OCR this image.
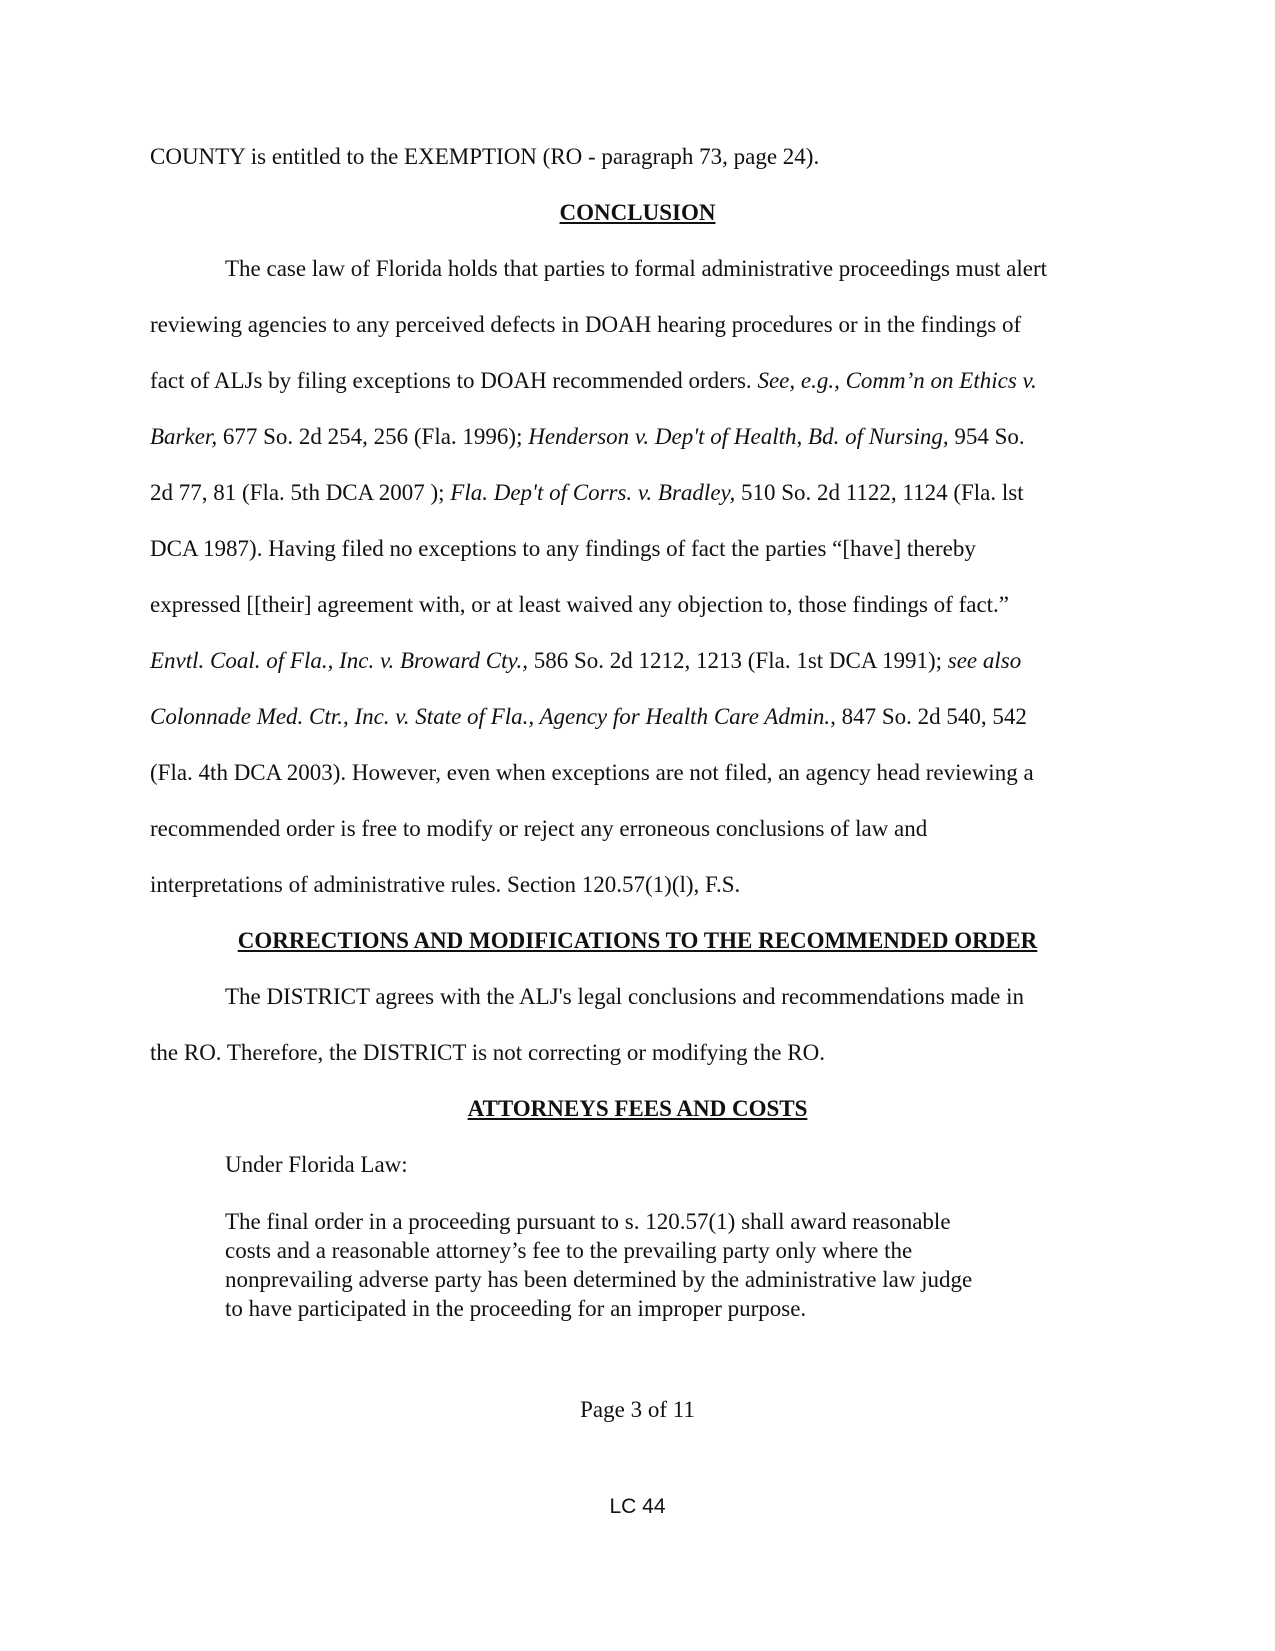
COUNTY is entitled to the EXEMPTION (RO - paragraph 73, page 24).
CONCLUSION
The case law of Florida holds that parties to formal administrative proceedings must alert
reviewing agencies to any perceived defects in DOAH hearing procedures or in the findings of
fact of ALJs by filing exceptions to DOAH recommended orders. See, e.g., Comm’n on Ethics v.
Barker, 677 So. 2d 254, 256 (Fla. 1996); Henderson v. Dep't of Health, Bd. of Nursing, 954 So.
2d 77, 81 (Fla. 5th DCA 2007 ); Fla. Dep't of Corrs. v. Bradley, 510 So. 2d 1122, 1124 (Fla. lst
DCA 1987). Having filed no exceptions to any findings of fact the parties “[have] thereby
expressed [[their] agreement with, or at least waived any objection to, those findings of fact.”
Envtl. Coal. of Fla., Inc. v. Broward Cty., 586 So. 2d 1212, 1213 (Fla. 1st DCA 1991); see also
Colonnade Med. Ctr., Inc. v. State of Fla., Agency for Health Care Admin., 847 So. 2d 540, 542
(Fla. 4th DCA 2003). However, even when exceptions are not filed, an agency head reviewing a
recommended order is free to modify or reject any erroneous conclusions of law and
interpretations of administrative rules. Section 120.57(1)(l), F.S.
CORRECTIONS AND MODIFICATIONS TO THE RECOMMENDED ORDER
The DISTRICT agrees with the ALJ's legal conclusions and recommendations made in
the RO. Therefore, the DISTRICT is not correcting or modifying the RO.
ATTORNEYS FEES AND COSTS
Under Florida Law:
The final order in a proceeding pursuant to s. 120.57(1) shall award reasonable
costs and a reasonable attorney’s fee to the prevailing party only where the
nonprevailing adverse party has been determined by the administrative law judge
to have participated in the proceeding for an improper purpose.
Page 3 of 11
LC 44
